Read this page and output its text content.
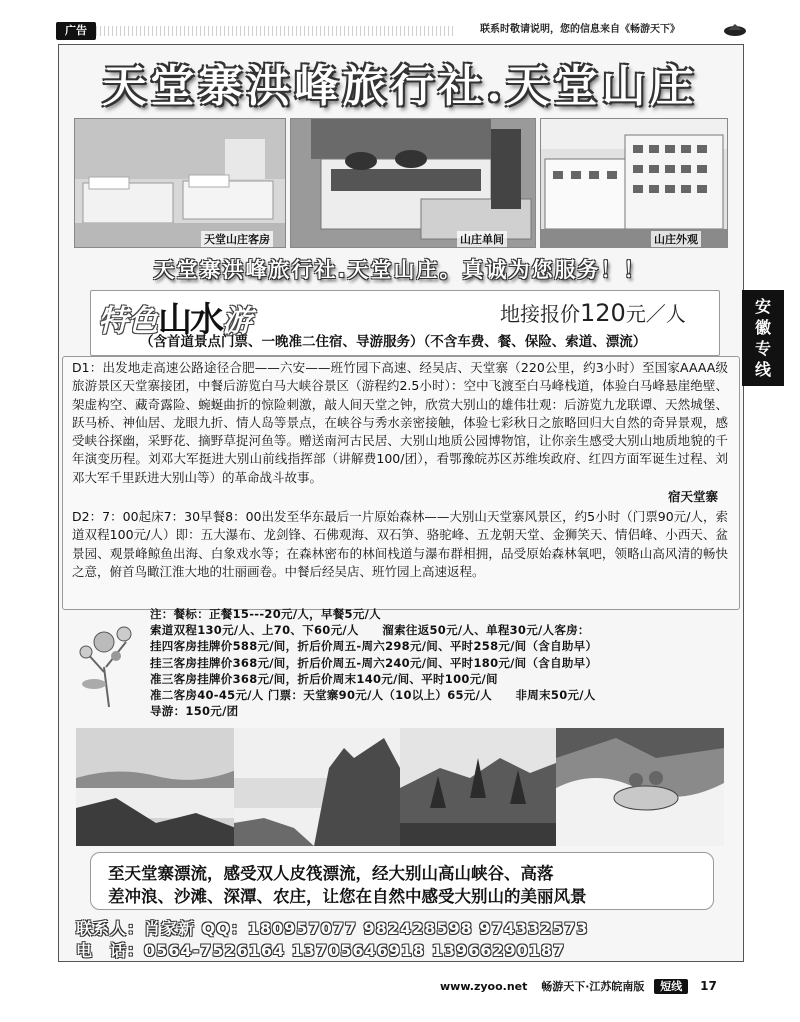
广告	联系时敬请说明，您的信息来自《畅游天下》
天堂寨洪峰旅行社.天堂山庄
天堂山庄客房	山庄单间	山庄外观
天堂寨洪峰旅行社.天堂山庄。真诚为您服务！！
安
徽
专
线
特色山水游	地接报价120元／人
（含首道景点门票、一晚准二住宿、导游服务）（不含车费、餐、保险、索道、漂流）
D1：出发地走高速公路途径合肥——六安——班竹园下高速、经吴店、天堂寨（220公里，约3小时）至国家AAAA级旅游景区天堂寨接团，中餐后游览白马大峡谷景区（游程约2.5小时）：空中飞渡至白马峰栈道，体验白马峰悬崖绝壁、架虚构空、藏奇露险、蜿蜒曲折的惊险刺激，敲人间天堂之钟，欣赏大别山的雄伟壮观：后游览九龙联谭、天然城堡、跃马桥、神仙居、龙眼九折、情人岛等景点，在峡谷与秀水亲密接触，体验七彩秋日之旅略回归大自然的奇异景观，感受峡谷探幽，采野花、摘野草捉河鱼等。赠送南河古民居、大别山地质公园博物馆，让你亲生感受大别山地质地貌的千年演变历程。刘邓大军挺进大别山前线指挥部（讲解费100/团），看鄂豫皖苏区苏维埃政府、红四方面军诞生过程、刘邓大军千里跃进大别山等）的革命战斗故事。
宿天堂寨
D2：7：00起床7：30早餐8：00出发至华东最后一片原始森林——大别山天堂寨风景区，约5小时（门票90元/人，索道双程100元/人）即：五大瀑布、龙剑锋、石佛观海、双石笋、骆驼峰、五龙朝天堂、金狮笑天、情侣峰、小西天、盆景园、观景峰鲸鱼出海、白象戏水等；在森林密布的林间栈道与瀑布群相拥，品受原始森林氧吧，领略山高风清的畅快之意，俯首鸟瞰江淮大地的壮丽画卷。中餐后经吴店、班竹园上高速返程。
注：餐标：正餐15---20元/人，早餐5元/人
索道双程130元/人、上70、下60元/人　　溜索往返50元/人、单程30元/人客房：
挂四客房挂牌价588元/间，折后价周五-周六298元/间、平时258元/间（含自助早）
挂三客房挂牌价368元/间，折后价周五-周六240元/间、平时180元/间（含自助早）
准三客房挂牌价368元/间，折后价周末140元/间、平时100元/间
准二客房40-45元/人 门票：天堂寨90元/人（10以上）65元/人　　非周末50元/人
导游：150元/团
至天堂寨漂流，感受双人皮筏漂流，经大别山高山峡谷、高落
差冲浪、沙滩、深潭、农庄，让您在自然中感受大别山的美丽风景
联系人：肖家新 QQ：180957077 982428598 974332573
电　话：0564-7526164 13705646918 13966290187
www.zyoo.net 畅游天下·江苏皖南版 短线 17
